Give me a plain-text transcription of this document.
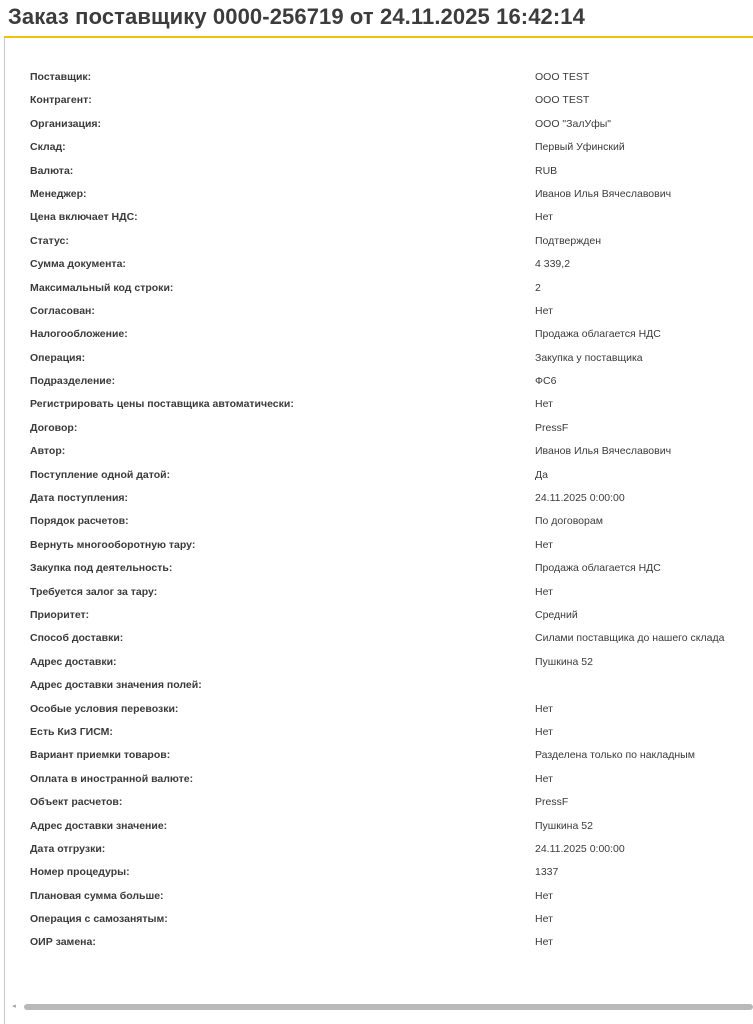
Заказ поставщику 0000-256719 от 24.11.2025 16:42:14
Поставщик:	ООО TEST
Контрагент:	ООО TEST
Организация:	ООО "ЗалУфы"
Склад:	Первый Уфинский
Валюта:	RUB
Менеджер:	Иванов Илья Вячеславович
Цена включает НДС:	Нет
Статус:	Подтвержден
Сумма документа:	4 339,2
Максимальный код строки:	2
Согласован:	Нет
Налогообложение:	Продажа облагается НДС
Операция:	Закупка у поставщика
Подразделение:	ФС6
Регистрировать цены поставщика автоматически:	Нет
Договор:	PressF
Автор:	Иванов Илья Вячеславович
Поступление одной датой:	Да
Дата поступления:	24.11.2025 0:00:00
Порядок расчетов:	По договорам
Вернуть многооборотную тару:	Нет
Закупка под деятельность:	Продажа облагается НДС
Требуется залог за тару:	Нет
Приоритет:	Средний
Способ доставки:	Силами поставщика до нашего склада
Адрес доставки:	Пушкина 52
Адрес доставки значения полей:
Особые условия перевозки:	Нет
Есть КиЗ ГИСМ:	Нет
Вариант приемки товаров:	Разделена только по накладным
Оплата в иностранной валюте:	Нет
Объект расчетов:	PressF
Адрес доставки значение:	Пушкина 52
Дата отгрузки:	24.11.2025 0:00:00
Номер процедуры:	1337
Плановая сумма больше:	Нет
Операция с самозанятым:	Нет
ОИР замена:	Нет
◂
